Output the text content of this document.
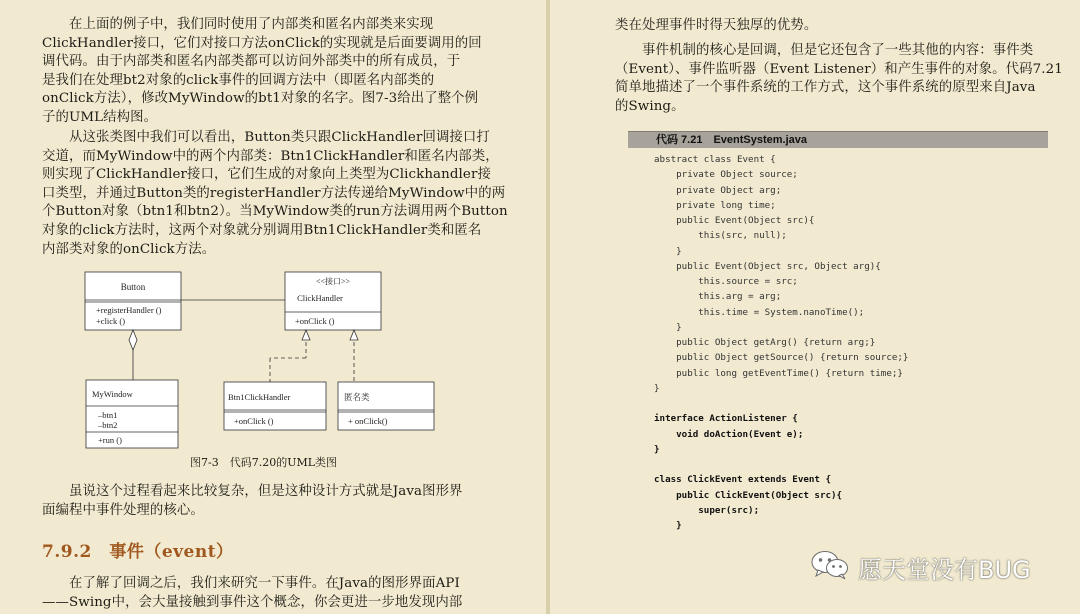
在上面的例子中，我们同时使用了内部类和匿名内部类来实现
ClickHandler接口，它们对接口方法onClick的实现就是后面要调用的回
调代码。由于内部类和匿名内部类都可以访问外部类中的所有成员，于
是我们在处理bt2对象的click事件的回调方法中（即匿名内部类的
onClick方法），修改MyWindow的bt1对象的名字。图7-3给出了整个例
子的UML结构图。

从这张类图中我们可以看出，Button类只跟ClickHandler回调接口打
交道，而MyWindow中的两个内部类：Btn1ClickHandler和匿名内部类，
则实现了ClickHandler接口，它们生成的对象向上类型为Clickhandler接
口类型，并通过Button类的registerHandler方法传递给MyWindow中的两
个Button对象（btn1和btn2）。当MyWindow类的run方法调用两个Button
对象的click方法时，这两个对象就分别调用Btn1ClickHandler类和匿名
内部类对象的onClick方法。

Button
+registerHandler ()
+click ()
<<接口>>
ClickHandler
+onClick ()
MyWindow
–btn1
–btn2
+run ()
Btn1ClickHandler
+onClick ()
匿名类
+ onClick()
图7-3　代码7.20的UML类图

虽说这个过程看起来比较复杂，但是这种设计方式就是Java图形界
面编程中事件处理的核心。

7.9.2　事件（event）

在了解了回调之后，我们来研究一下事件。在Java的图形界面API
——Swing中，会大量接触到事件这个概念，你会更进一步地发现内部

类在处理事件时得天独厚的优势。

事件机制的核心是回调，但是它还包含了一些其他的内容：事件类
（Event）、事件监听器（Event Listener）和产生事件的对象。代码7.21
简单地描述了一个事件系统的工作方式，这个事件系统的原型来自Java
的Swing。

代码 7.21　EventSystem.java
abstract class Event {
private Object source;
private Object arg;
private long time;
public Event(Object src){
this(src, null);
}
public Event(Object src, Object arg){
this.source = src;
this.arg = arg;
this.time = System.nanoTime();
}
public Object getArg() {return arg;}
public Object getSource() {return source;}
public long getEventTime() {return time;}
}
interface ActionListener {
void doAction(Event e);
}
class ClickEvent extends Event {
public ClickEvent(Object src){
super(src);
}
愿天堂没有BUG
